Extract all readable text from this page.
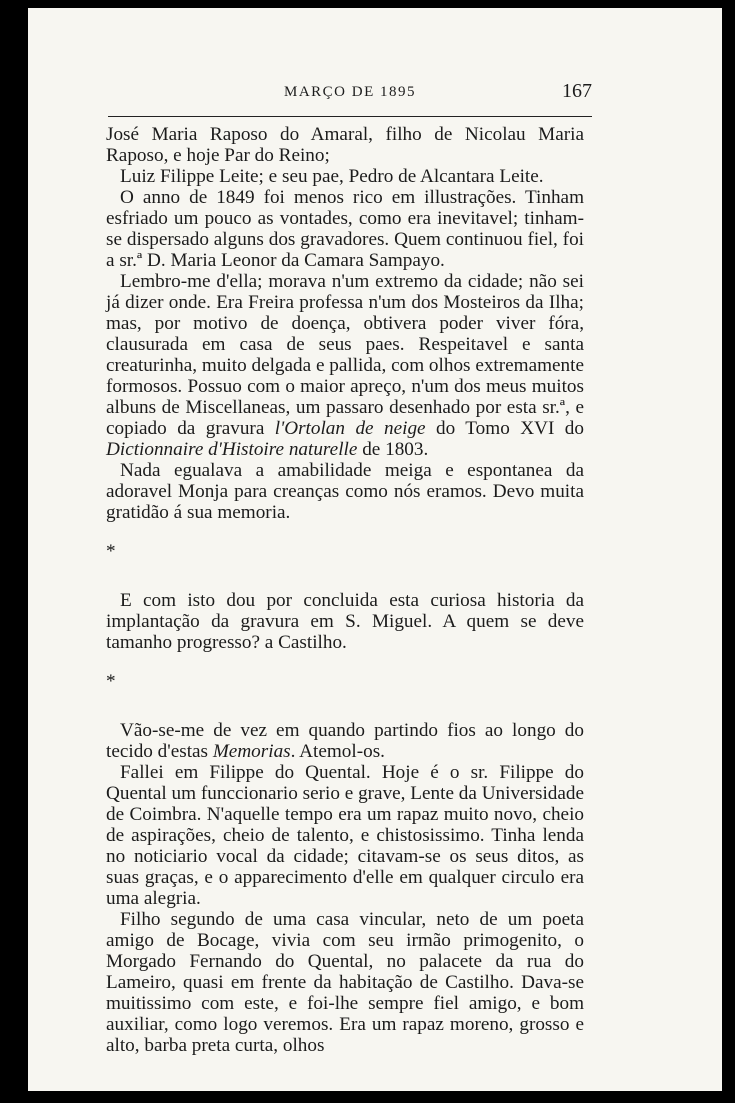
MARÇO DE 1895	167

José Maria Raposo do Amaral, filho de Nicolau Maria Raposo, e hoje Par do Reino;

Luiz Filippe Leite; e seu pae, Pedro de Alcantara Leite.

O anno de 1849 foi menos rico em illustrações. Tinham esfriado um pouco as vontades, como era inevitavel; tinham-se dispersado alguns dos gravadores. Quem continuou fiel, foi a sr.ª D. Maria Leonor da Camara Sampayo.

Lembro-me d'ella; morava n'um extremo da cidade; não sei já dizer onde. Era Freira professa n'um dos Mosteiros da Ilha; mas, por motivo de doença, obtivera poder viver fóra, clausurada em casa de seus paes. Respeitavel e santa creaturinha, muito delgada e pallida, com olhos extremamente formosos. Possuo com o maior apreço, n'um dos meus muitos albuns de Miscellaneas, um passaro desenhado por esta sr.ª, e copiado da gravura l'Ortolan de neige do Tomo XVI do Dictionnaire d'Histoire naturelle de 1803.

Nada egualava a amabilidade meiga e espontanea da adoravel Monja para creanças como nós eramos. Devo muita gratidão á sua memoria.

*

E com isto dou por concluida esta curiosa historia da implantação da gravura em S. Miguel. A quem se deve tamanho progresso? a Castilho.

*

Vão-se-me de vez em quando partindo fios ao longo do tecido d'estas Memorias. Atemol-os.

Fallei em Filippe do Quental. Hoje é o sr. Filippe do Quental um funccionario serio e grave, Lente da Universidade de Coimbra. N'aquelle tempo era um rapaz muito novo, cheio de aspirações, cheio de talento, e chistosissimo. Tinha lenda no noticiario vocal da cidade; citavam-se os seus ditos, as suas graças, e o apparecimento d'elle em qualquer circulo era uma alegria.

Filho segundo de uma casa vincular, neto de um poeta amigo de Bocage, vivia com seu irmão primogenito, o Morgado Fernando do Quental, no palacete da rua do Lameiro, quasi em frente da habitação de Castilho. Dava-se muitissimo com este, e foi-lhe sempre fiel amigo, e bom auxiliar, como logo veremos. Era um rapaz moreno, grosso e alto, barba preta curta, olhos
